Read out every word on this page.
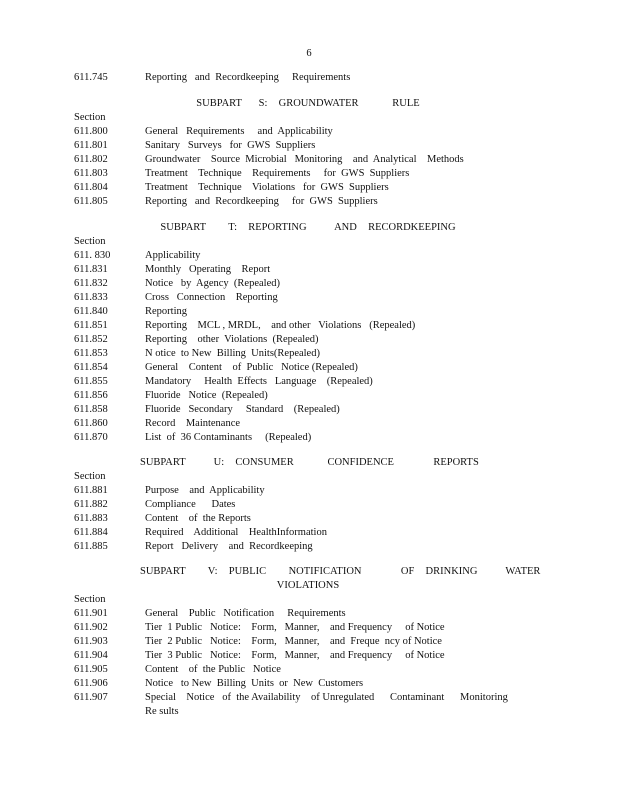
6
611.745	Reporting   and  Recordkeeping     Requirements
SUBPART   S:  GROUNDWATER      RULE
Section
611.800	General   Requirements     and  Applicability
611.801	Sanitary   Surveys   for  GWS  Suppliers
611.802	Groundwater    Source  Microbial   Monitoring    and  Analytical    Methods
611.803	Treatment    Technique    Requirements     for  GWS  Suppliers
611.804	Treatment    Technique    Violations   for  GWS  Suppliers
611.805	Reporting   and  Recordkeeping     for  GWS  Suppliers
SUBPART    T:  REPORTING     AND  RECORDKEEPING
Section
611. 830	Applicability
611.831	Monthly   Operating    Report
611.832	Notice   by  Agency  (Repealed)
611.833	Cross   Connection    Reporting
611.840	Reporting
611.851	Reporting    MCL , MRDL,    and other   Violations   (Repealed)
611.852	Reporting    other  Violations  (Repealed)
611.853	N otice  to New  Billing  Units(Repealed)
611.854	General    Content    of  Public   Notice (Repealed)
611.855	Mandatory     Health  Effects   Language    (Repealed)
611.856	Fluoride   Notice  (Repealed)
611.858	Fluoride   Secondary     Standard    (Repealed)
611.860	Record    Maintenance
611.870	List  of  36 Contaminants     (Repealed)
SUBPART     U:  CONSUMER      CONFIDENCE       REPORTS
Section
611.881	Purpose    and  Applicability
611.882	Compliance      Dates
611.883	Content    of  the Reports
611.884	Required    Additional    HealthInformation
611.885	Report   Delivery    and  Recordkeeping
SUBPART    V:  PUBLIC    NOTIFICATION       OF  DRINKING     WATER
VIOLATIONS
Section
611.901	General    Public   Notification     Requirements
611.902	Tier  1 Public   Notice:    Form,   Manner,    and Frequency     of Notice
611.903	Tier  2 Public   Notice:    Form,   Manner,    and  Freque  ncy of Notice
611.904	Tier  3 Public   Notice:    Form,   Manner,    and Frequency     of Notice
611.905	Content    of  the Public   Notice
611.906	Notice   to New  Billing  Units  or  New  Customers
611.907	Special    Notice   of  the Availability    of Unregulated      Contaminant      Monitoring
Re sults
